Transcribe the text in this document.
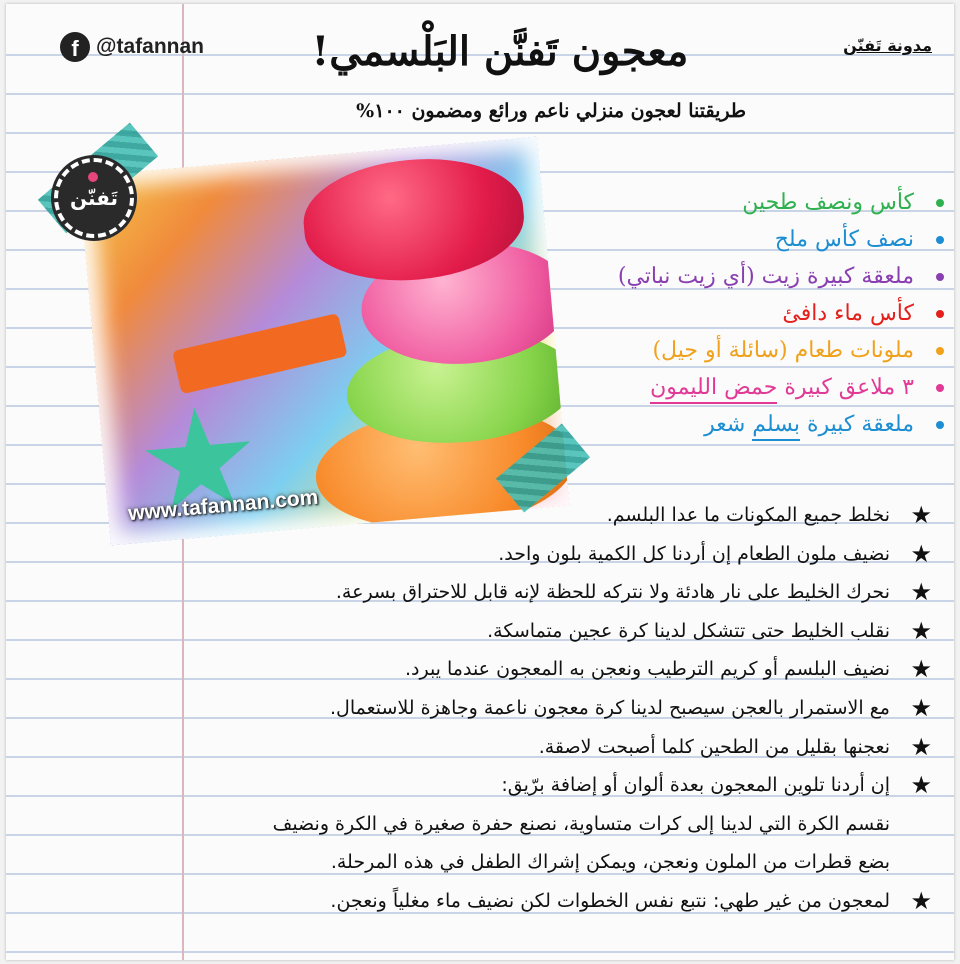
f @tafannan	مدونة تَفنّن
معجون تَفنَّن البَلْسمي!
طريقتنا لعجون منزلي ناعم ورائع ومضمون ١٠٠%
www.tafannan.com
تَفنّن	كأس ونصف طحين
نصف كأس ملح
ملعقة كبيرة زيت (أي زيت نباتي)
كأس ماء دافئ
ملونات طعام (سائلة أو جيل)
٣ ملاعق كبيرة حمض الليمون
ملعقة كبيرة بسلم شعر
★
نخلط جميع المكونات ما عدا البلسم.
★
نضيف ملون الطعام إن أردنا كل الكمية بلون واحد.
★
نحرك الخليط على نار هادئة ولا نتركه للحظة لإنه قابل للاحتراق بسرعة.
★
نقلب الخليط حتى تتشكل لدينا كرة عجين متماسكة.
★
نضيف البلسم أو كريم الترطيب ونعجن به المعجون عندما يبرد.
★
مع الاستمرار بالعجن سيصبح لدينا كرة معجون ناعمة وجاهزة للاستعمال.
★
نعجنها بقليل من الطحين كلما أصبحت لاصقة.
★
إن أردنا تلوين المعجون بعدة ألوان أو إضافة برّيق:
نقسم الكرة التي لدينا إلى كرات متساوية، نصنع حفرة صغيرة في الكرة ونضيف
بضع قطرات من الملون ونعجن، ويمكن إشراك الطفل في هذه المرحلة.
★
لمعجون من غير طهي: نتبع نفس الخطوات لكن نضيف ماء مغلياً ونعجن.
